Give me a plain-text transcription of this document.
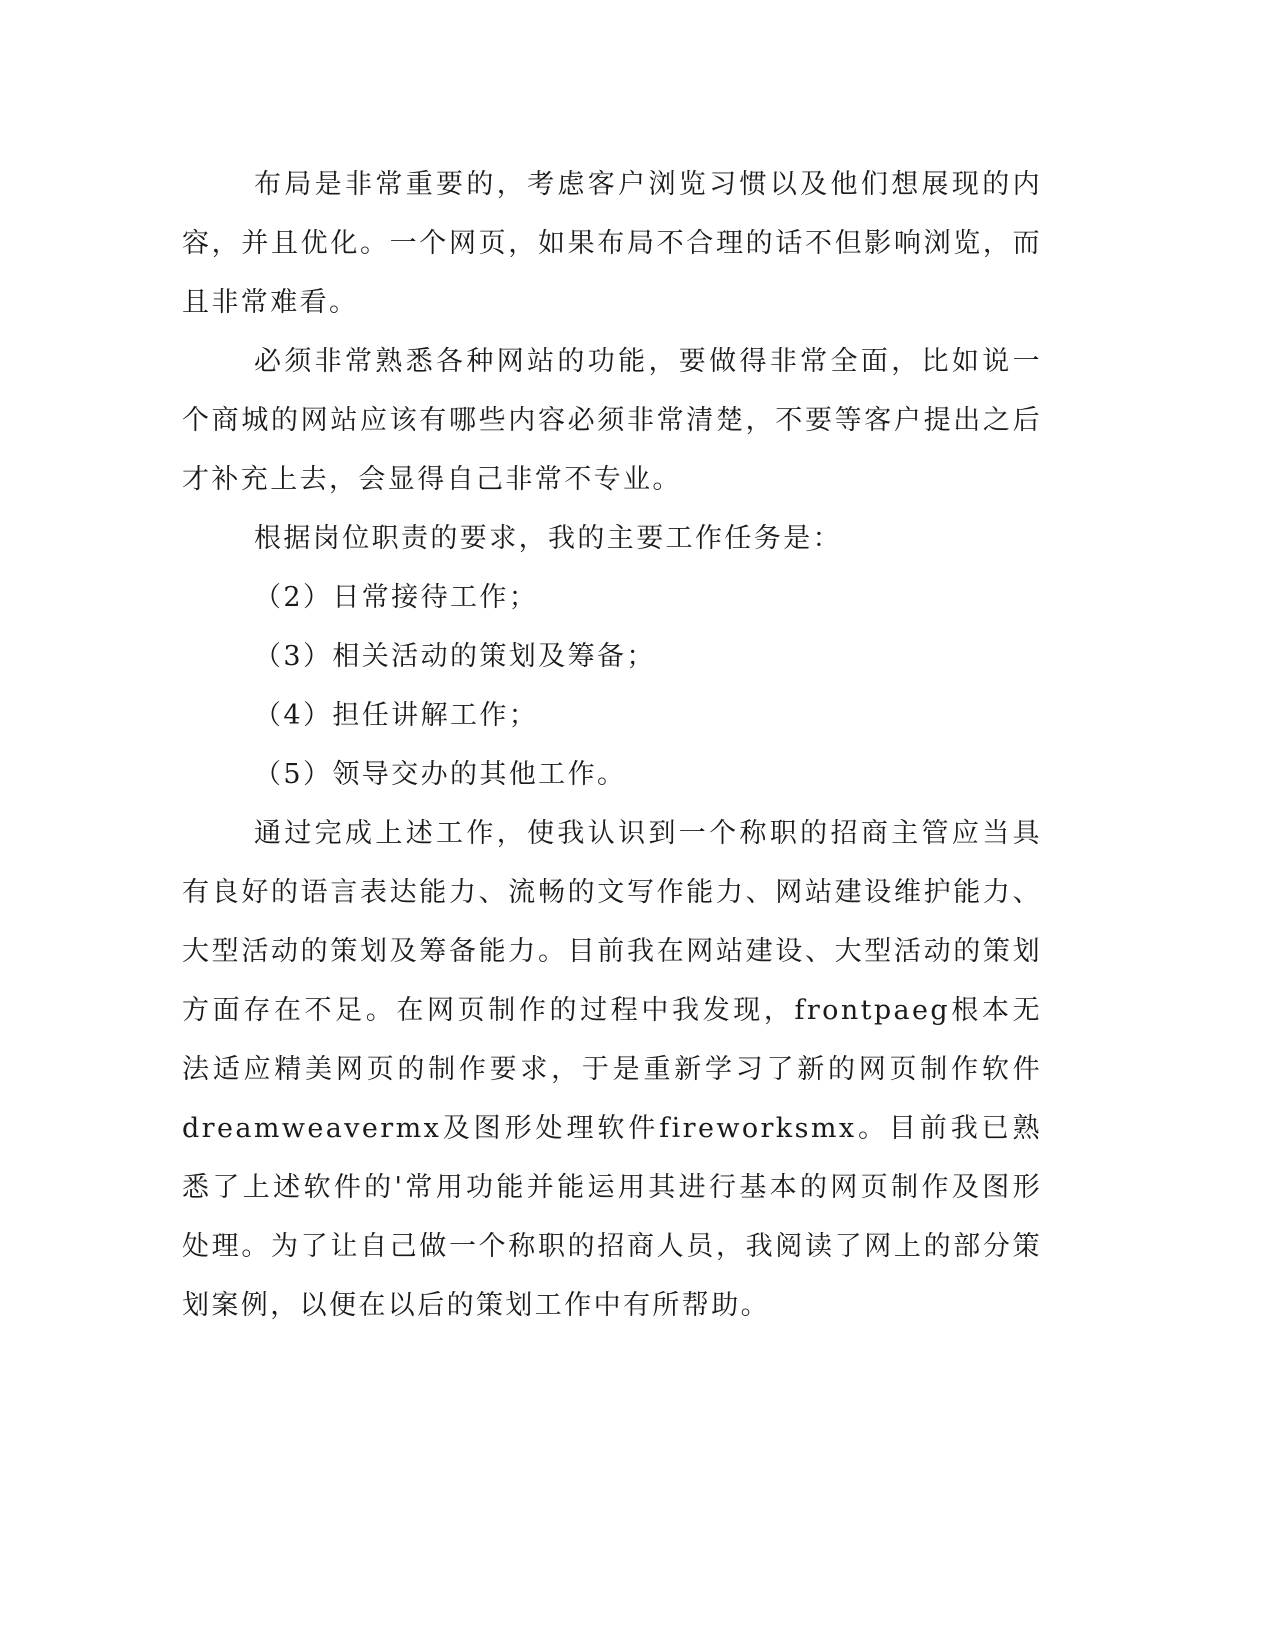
布局是非常重要的，考虑客户浏览习惯以及他们想展现的内容，并且优化。一个网页，如果布局不合理的话不但影响浏览，而且非常难看。

必须非常熟悉各种网站的功能，要做得非常全面，比如说一个商城的网站应该有哪些内容必须非常清楚，不要等客户提出之后才补充上去，会显得自己非常不专业。

根据岗位职责的要求，我的主要工作任务是：

（2）日常接待工作；

（3）相关活动的策划及筹备；

（4）担任讲解工作；

（5）领导交办的其他工作。

通过完成上述工作，使我认识到一个称职的招商主管应当具有良好的语言表达能力、流畅的文写作能力、网站建设维护能力、大型活动的策划及筹备能力。目前我在网站建设、大型活动的策划方面存在不足。在网页制作的过程中我发现，frontpaeg根本无法适应精美网页的制作要求，于是重新学习了新的网页制作软件dreamweavermx及图形处理软件fireworksmx。目前我已熟悉了上述软件的'常用功能并能运用其进行基本的网页制作及图形处理。为了让自己做一个称职的招商人员，我阅读了网上的部分策划案例，以便在以后的策划工作中有所帮助。
